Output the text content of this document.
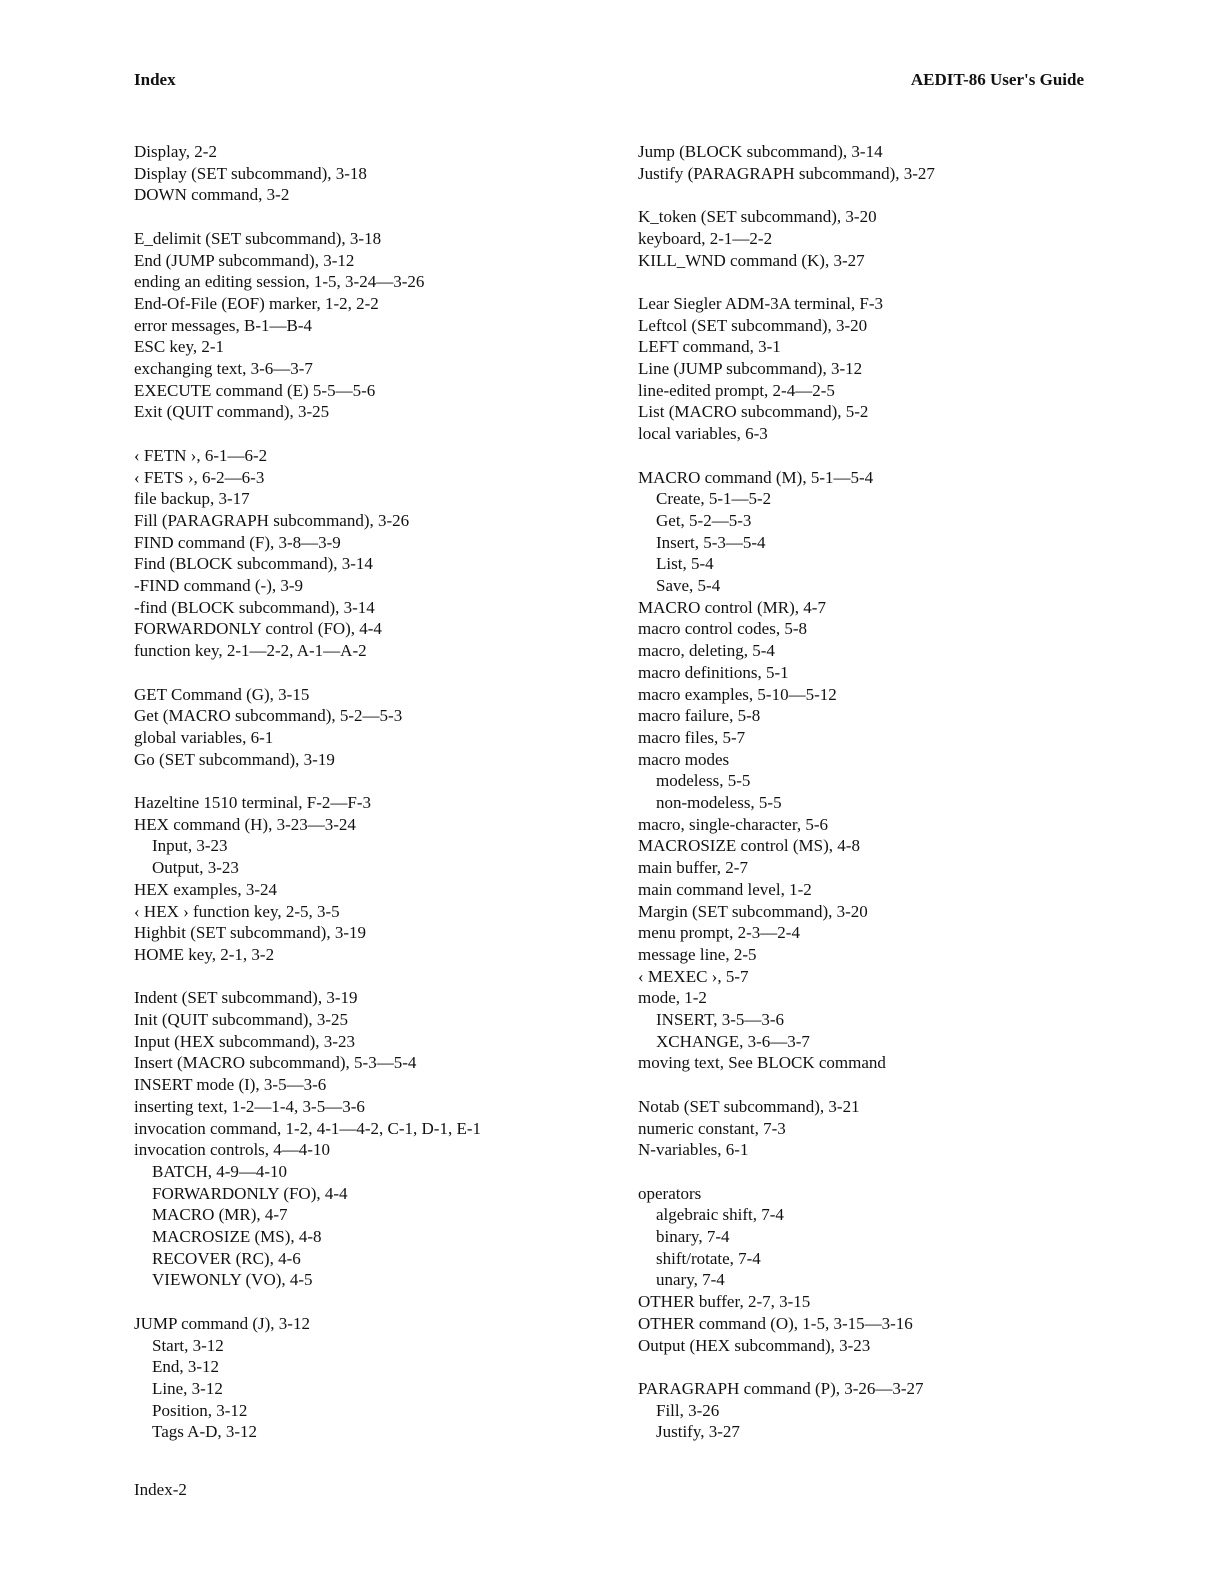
Index	AEDIT-86 User's Guide
Display, 2-2
Display (SET subcommand), 3-18
DOWN command, 3-2
E_delimit (SET subcommand), 3-18
End (JUMP subcommand), 3-12
ending an editing session, 1-5, 3-24—3-26
End-Of-File (EOF) marker, 1-2, 2-2
error messages, B-1—B-4
ESC key, 2-1
exchanging text, 3-6—3-7
EXECUTE command (E) 5-5—5-6
Exit (QUIT command), 3-25
‹ FETN ›, 6-1—6-2
‹ FETS ›, 6-2—6-3
file backup, 3-17
Fill (PARAGRAPH subcommand), 3-26
FIND command (F), 3-8—3-9
Find (BLOCK subcommand), 3-14
-FIND command (-), 3-9
-find (BLOCK subcommand), 3-14
FORWARDONLY control (FO), 4-4
function key, 2-1—2-2, A-1—A-2
GET Command (G), 3-15
Get (MACRO subcommand), 5-2—5-3
global variables, 6-1
Go (SET subcommand), 3-19
Hazeltine 1510 terminal, F-2—F-3
HEX command (H), 3-23—3-24
Input, 3-23
Output, 3-23
HEX examples, 3-24
‹ HEX › function key, 2-5, 3-5
Highbit (SET subcommand), 3-19
HOME key, 2-1, 3-2
Indent (SET subcommand), 3-19
Init (QUIT subcommand), 3-25
Input (HEX subcommand), 3-23
Insert (MACRO subcommand), 5-3—5-4
INSERT mode (I), 3-5—3-6
inserting text, 1-2—1-4, 3-5—3-6
invocation command, 1-2, 4-1—4-2, C-1, D-1, E-1
invocation controls, 4—4-10
BATCH, 4-9—4-10
FORWARDONLY (FO), 4-4
MACRO (MR), 4-7
MACROSIZE (MS), 4-8
RECOVER (RC), 4-6
VIEWONLY (VO), 4-5
JUMP command (J), 3-12
Start, 3-12
End, 3-12
Line, 3-12
Position, 3-12
Tags A-D, 3-12
Jump (BLOCK subcommand), 3-14
Justify (PARAGRAPH subcommand), 3-27
K_token (SET subcommand), 3-20
keyboard, 2-1—2-2
KILL_WND command (K), 3-27
Lear Siegler ADM-3A terminal, F-3
Leftcol (SET subcommand), 3-20
LEFT command, 3-1
Line (JUMP subcommand), 3-12
line-edited prompt, 2-4—2-5
List (MACRO subcommand), 5-2
local variables, 6-3
MACRO command (M), 5-1—5-4
Create, 5-1—5-2
Get, 5-2—5-3
Insert, 5-3—5-4
List, 5-4
Save, 5-4
MACRO control (MR), 4-7
macro control codes, 5-8
macro, deleting, 5-4
macro definitions, 5-1
macro examples, 5-10—5-12
macro failure, 5-8
macro files, 5-7
macro modes
modeless, 5-5
non-modeless, 5-5
macro, single-character, 5-6
MACROSIZE control (MS), 4-8
main buffer, 2-7
main command level, 1-2
Margin (SET subcommand), 3-20
menu prompt, 2-3—2-4
message line, 2-5
‹ MEXEC ›, 5-7
mode, 1-2
INSERT, 3-5—3-6
XCHANGE, 3-6—3-7
moving text, See BLOCK command
Notab (SET subcommand), 3-21
numeric constant, 7-3
N-variables, 6-1
operators
algebraic shift, 7-4
binary, 7-4
shift/rotate, 7-4
unary, 7-4
OTHER buffer, 2-7, 3-15
OTHER command (O), 1-5, 3-15—3-16
Output (HEX subcommand), 3-23
PARAGRAPH command (P), 3-26—3-27
Fill, 3-26
Justify, 3-27
Index-2
